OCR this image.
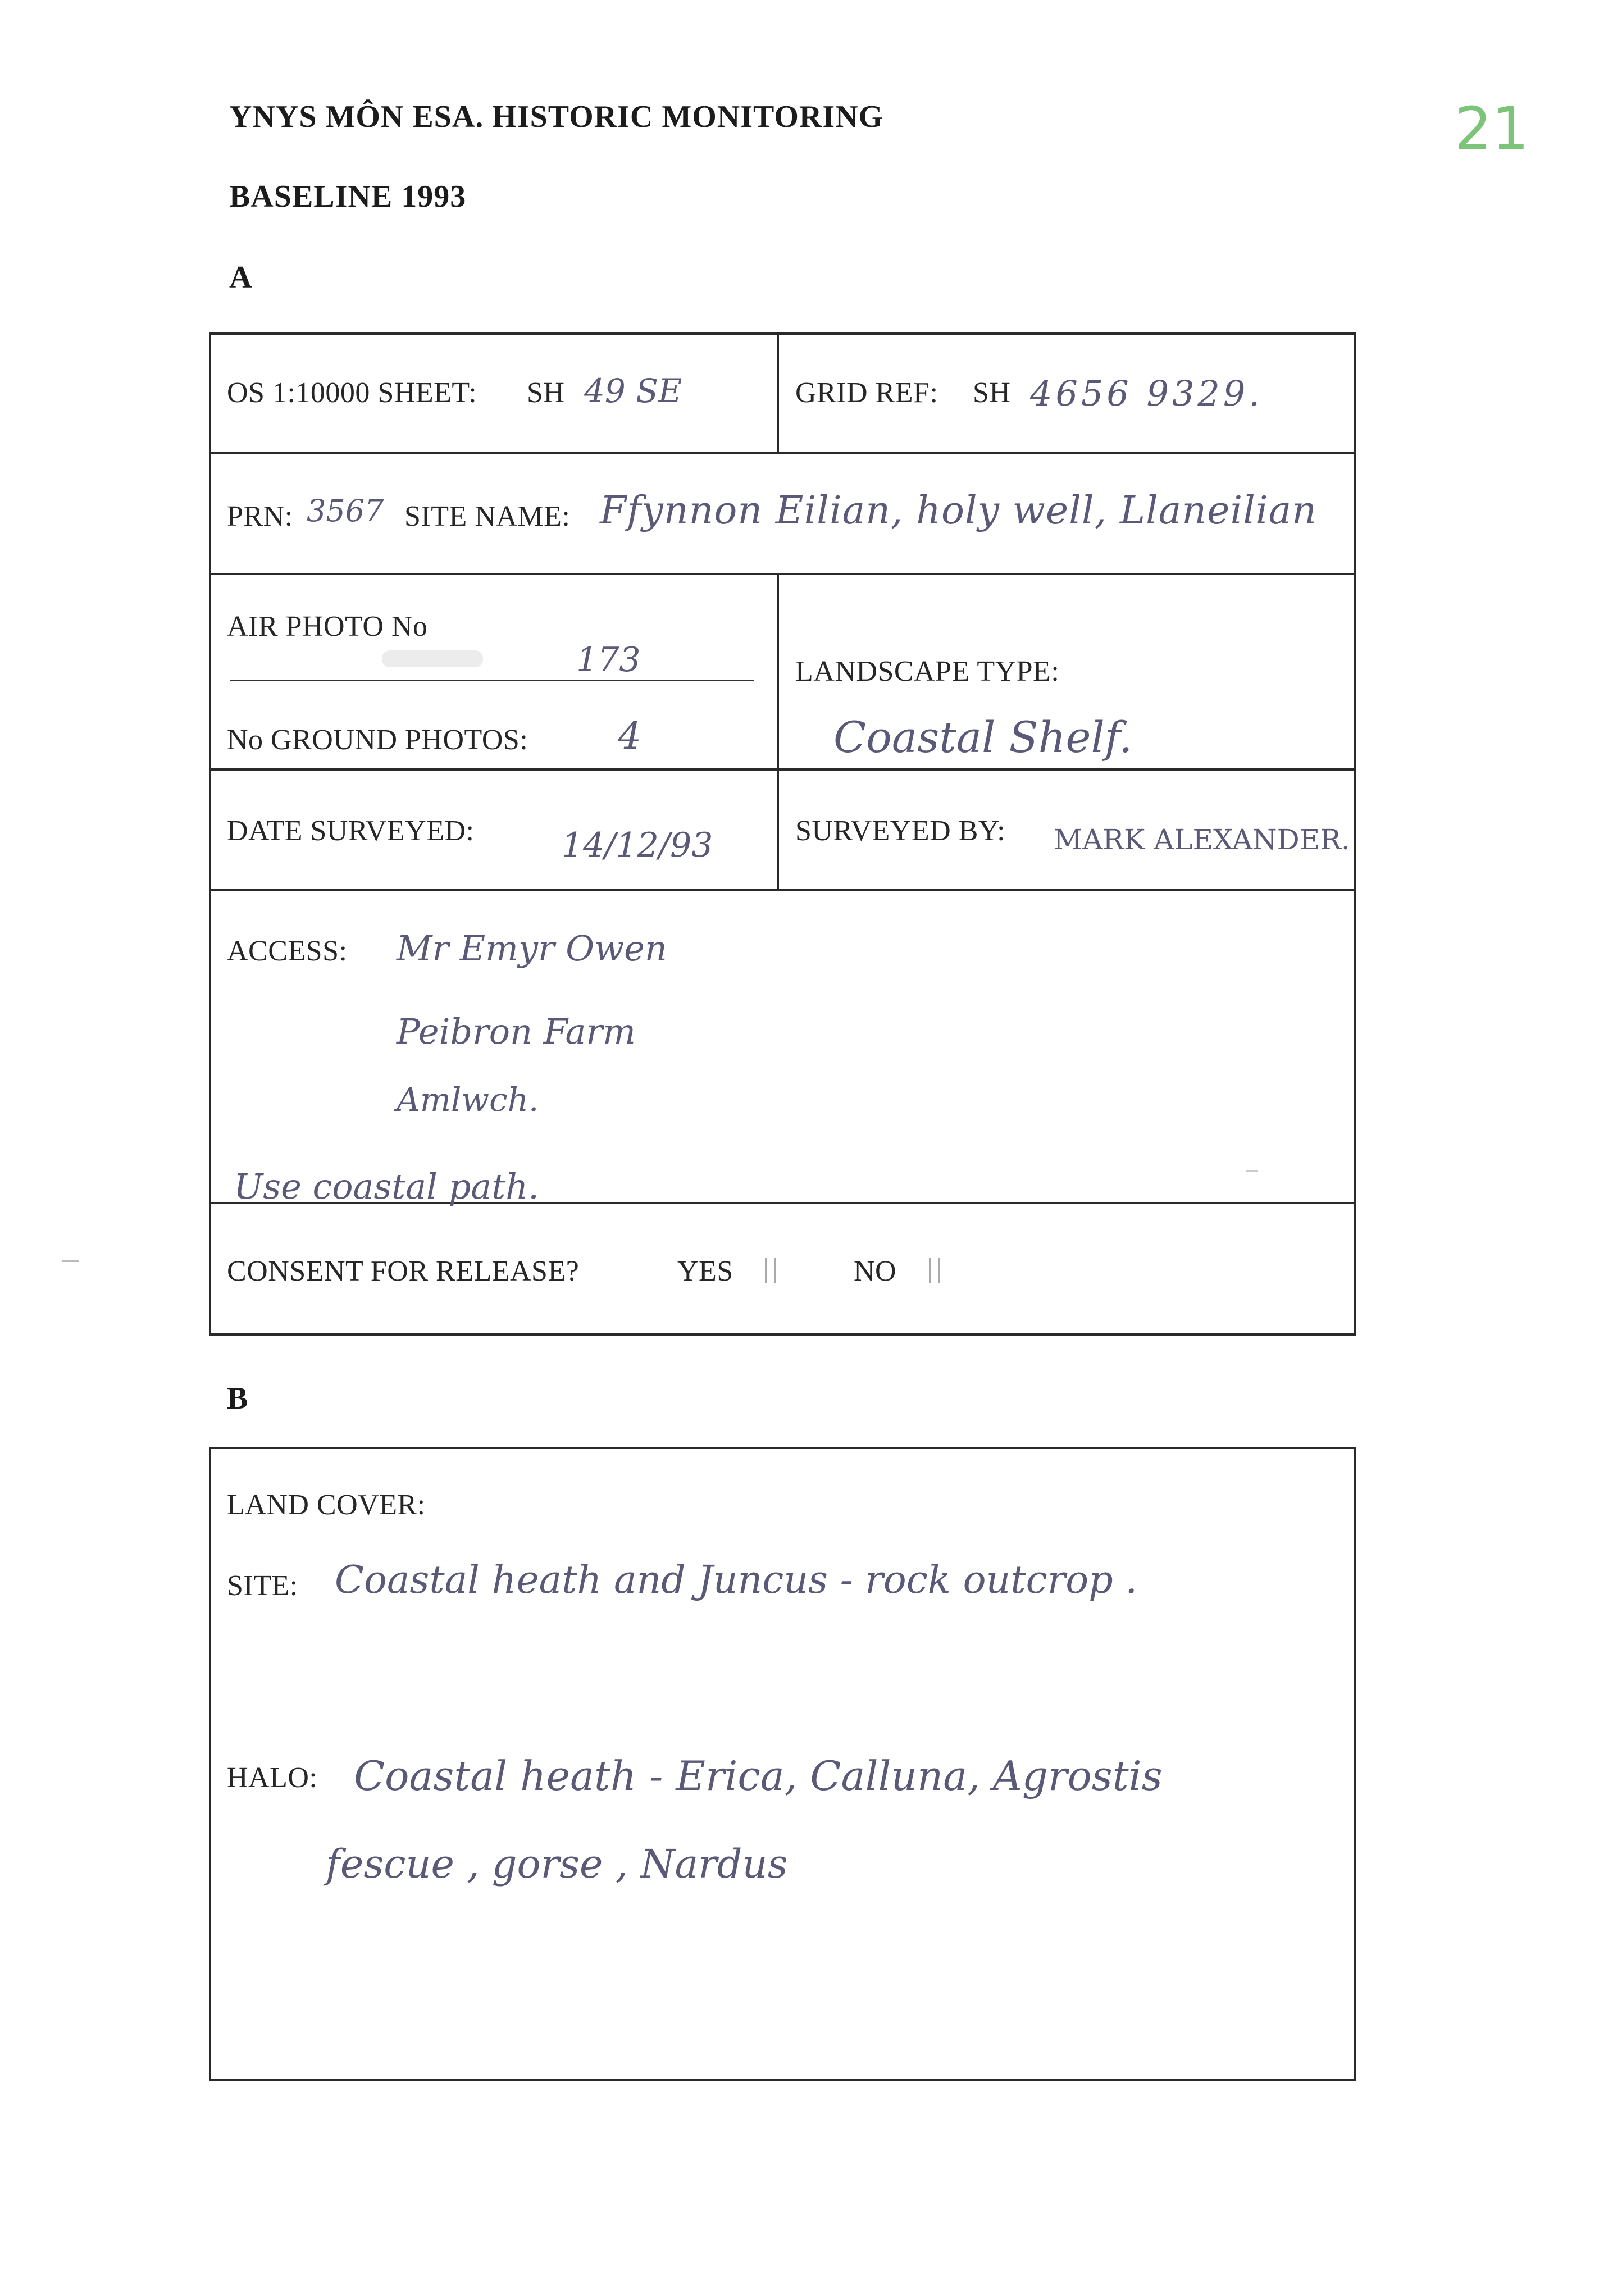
YNYS MÔN ESA. HISTORIC MONITORING
BASELINE 1993
A
21
OS 1:10000 SHEET: SH 49 SE	GRID REF: SH 4656 9329.
PRN: 3567 SITE NAME: Ffynnon Eilian, holy well, Llaneilian
AIR PHOTO No
173
No GROUND PHOTOS: 4
LANDSCAPE TYPE:
Coastal Shelf.
DATE SURVEYED:	14/12/93	SURVEYED BY: MARK ALEXANDER.
ACCESS: Mr Emyr Owen
Peibron Farm
Amlwch.
Use coastal path.
CONSENT FOR RELEASE?	YES	NO
B
LAND COVER:
SITE: Coastal heath and Juncus - rock outcrop .
HALO: Coastal heath - Erica, Calluna, Agrostis
fescue , gorse , Nardus
